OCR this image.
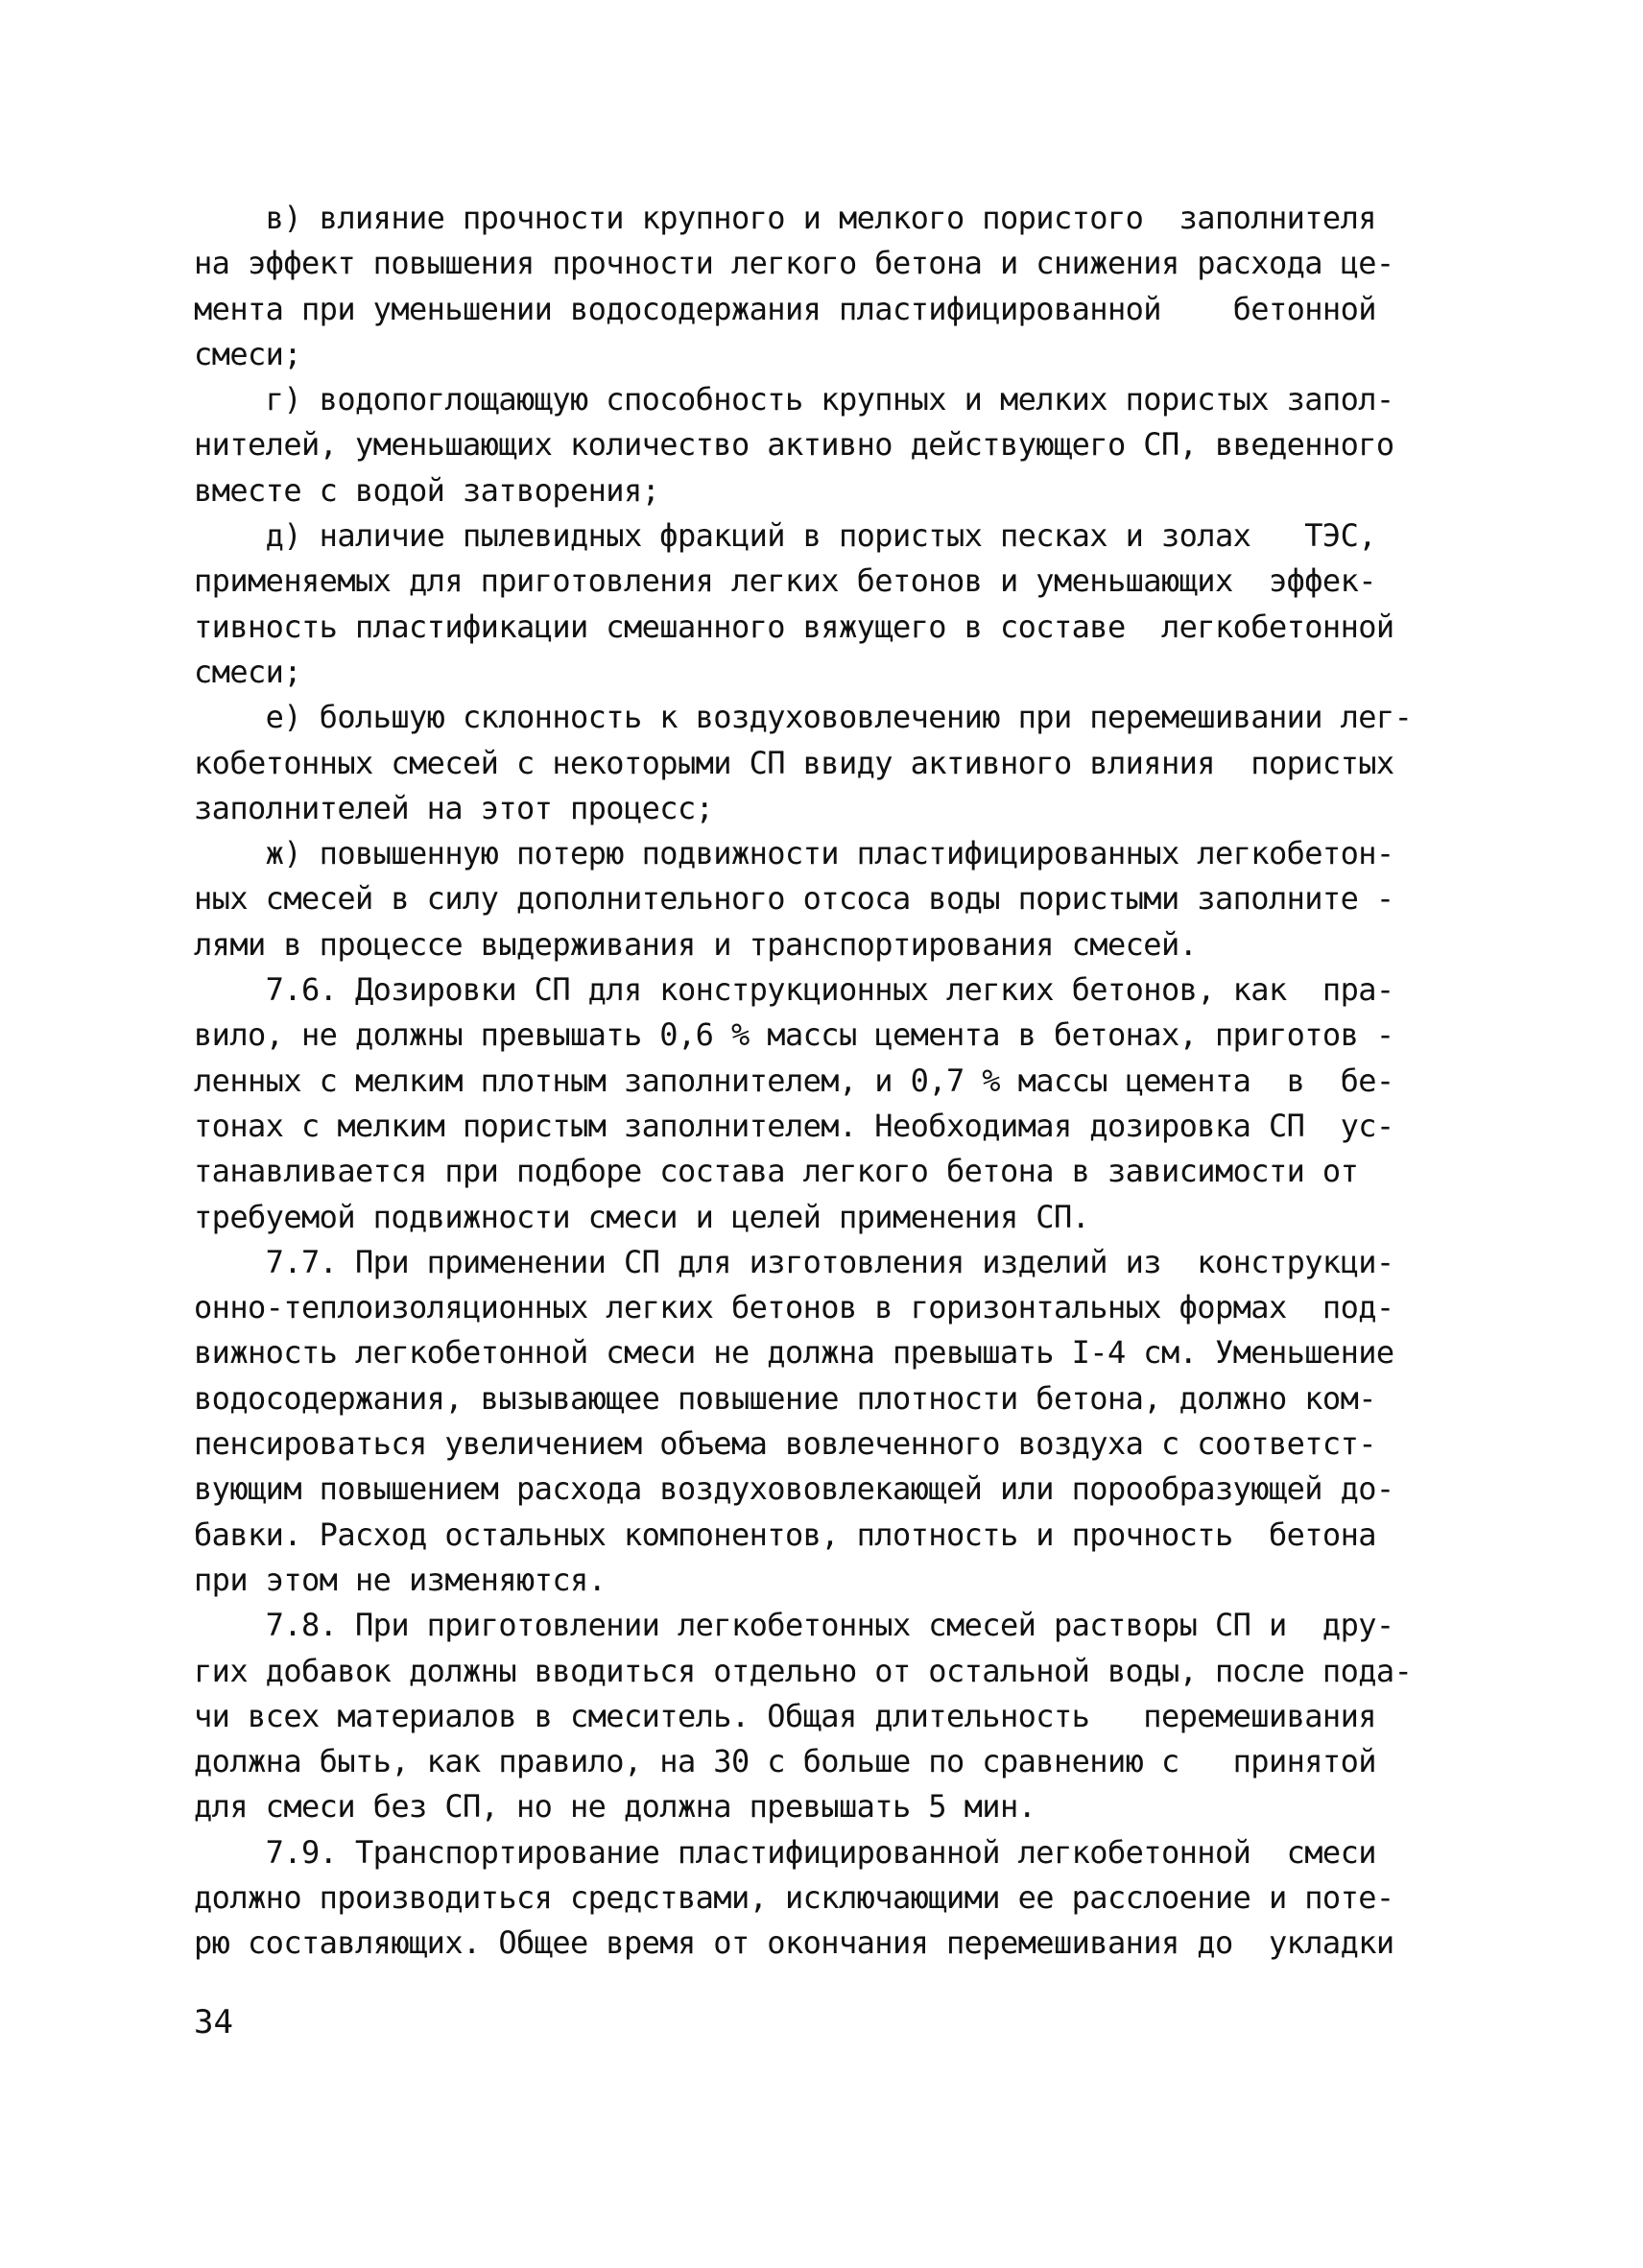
в) влияние прочности крупного и мелкого пористого  заполнителя
на эффект повышения прочности легкого бетона и снижения расхода це-
мента при уменьшении водосодержания пластифицированной    бетонной
смеси;
г) водопоглощающую способность крупных и мелких пористых запол-
нителей, уменьшающих количество активно действующего СП, введенного
вместе с водой затворения;
д) наличие пылевидных фракций в пористых песках и золах   ТЭС,
применяемых для приготовления легких бетонов и уменьшающих  эффек-
тивность пластификации смешанного вяжущего в составе  легкобетонной
смеси;
е) большую склонность к воздухововлечению при перемешивании лег-
кобетонных смесей с некоторыми СП ввиду активного влияния  пористых
заполнителей на этот процесс;
ж) повышенную потерю подвижности пластифицированных легкобетон-
ных смесей в силу дополнительного отсоса воды пористыми заполните -
лями в процессе выдерживания и транспортирования смесей.
7.6. Дозировки СП для конструкционных легких бетонов, как  пра-
вило, не должны превышать 0,6 % массы цемента в бетонах, приготов -
ленных с мелким плотным заполнителем, и 0,7 % массы цемента  в  бе-
тонах с мелким пористым заполнителем. Необходимая дозировка СП  ус-
танавливается при подборе состава легкого бетона в зависимости от
требуемой подвижности смеси и целей применения СП.
7.7. При применении СП для изготовления изделий из  конструкци-
онно-теплоизоляционных легких бетонов в горизонтальных формах  под-
вижность легкобетонной смеси не должна превышать I-4 см. Уменьшение
водосодержания, вызывающее повышение плотности бетона, должно ком-
пенсироваться увеличением объема вовлеченного воздуха с соответст-
вующим повышением расхода воздухововлекающей или порообразующей до-
бавки. Расход остальных компонентов, плотность и прочность  бетона
при этом не изменяются.
7.8. При приготовлении легкобетонных смесей растворы СП и  дру-
гих добавок должны вводиться отдельно от остальной воды, после пода-
чи всех материалов в смеситель. Общая длительность   перемешивания
должна быть, как правило, на 30 с больше по сравнению с   принятой
для смеси без СП, но не должна превышать 5 мин.
7.9. Транспортирование пластифицированной легкобетонной  смеси
должно производиться средствами, исключающими ее расслоение и поте-
рю составляющих. Общее время от окончания перемешивания до  укладки
34
